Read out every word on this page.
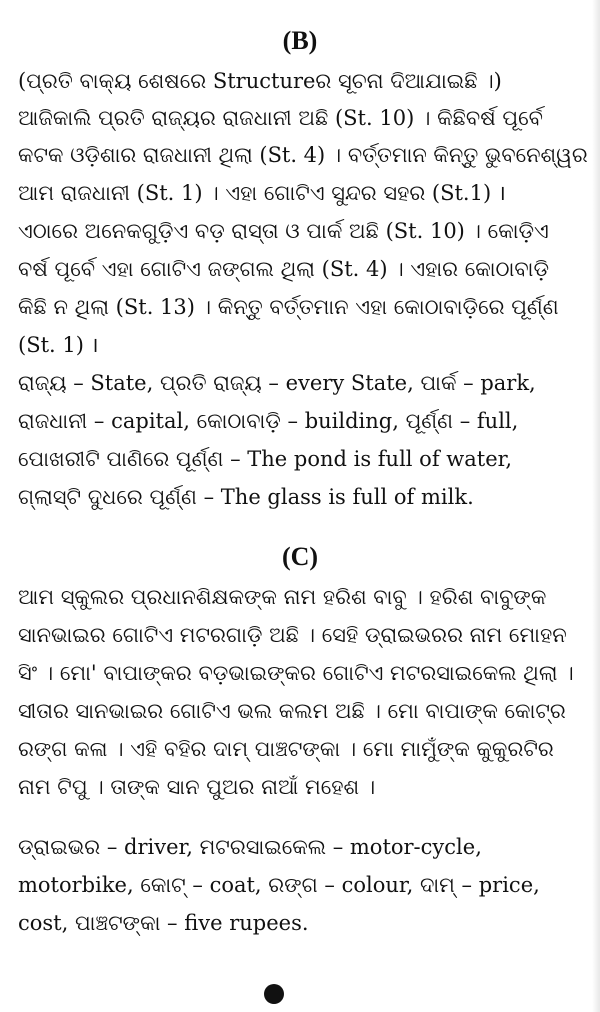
(B)
(ପ୍ରତି ବାକ୍ୟ ଶେଷରେ Structureର ସୂଚନା ଦିଆଯାଇଛି ।)
ଆଜିକାଲି ପ୍ରତି ରାଜ୍ୟର ରାଜଧାନୀ ଅଛି (St. 10) । କିଛିବର୍ଷ ପୂର୍ବେ
କଟକ ଓଡ଼ିଶାର ରାଜଧାନୀ ଥିଲା (St. 4) । ବର୍ତ୍ତମାନ କିନ୍ତୁ ଭୁବନେଶ୍ୱର
ଆମ ରାଜଧାନୀ (St. 1) । ଏହା ଗୋଟିଏ ସୁନ୍ଦର ସହର (St.1) ।
ଏଠାରେ ଅନେକଗୁଡ଼ିଏ ବଡ଼ ରାସ୍ତା ଓ ପାର୍କ ଅଛି (St. 10) । କୋଡ଼ିଏ
ବର୍ଷ ପୂର୍ବେ ଏହା ଗୋଟିଏ ଜଙ୍ଗଲ ଥିଲା (St. 4) । ଏହାର କୋଠାବାଡ଼ି
କିଛି ନ ଥିଲା (St. 13) । କିନ୍ତୁ ବର୍ତ୍ତମାନ ଏହା କୋଠାବାଡ଼ିରେ ପୂର୍ଣ୍ଣ
(St. 1) ।
ରାଜ୍ୟ – State, ପ୍ରତି ରାଜ୍ୟ – every State, ପାର୍କ – park,
ରାଜଧାନୀ – capital, କୋଠାବାଡ଼ି – building, ପୂର୍ଣ୍ଣ – full,
ପୋଖରୀଟି ପାଣିରେ ପୂର୍ଣ୍ଣ – The pond is full of water,
ଗ୍ଲାସ୍‌ଟି ଦୁଧରେ ପୂର୍ଣ୍ଣ – The glass is full of milk.
(C)
ଆମ ସ୍କୁଲର ପ୍ରଧାନଶିକ୍ଷକଙ୍କ ନାମ ହରିଶ ବାବୁ । ହରିଶ ବାବୁଙ୍କ
ସାନଭାଇର ଗୋଟିଏ ମଟରଗାଡ଼ି ଅଛି । ସେହି ଡ୍ରାଇଭରର ନାମ ମୋହନ
ସିଂ । ମୋ' ବାପାଙ୍କର ବଡ଼ଭାଇଙ୍କର ଗୋଟିଏ ମଟରସାଇକେଲ ଥିଲା ।
ସୀତାର ସାନଭାଇର ଗୋଟିଏ ଭଲ କଲମ ଅଛି । ମୋ ବାପାଙ୍କ କୋଟ୍‌ର
ରଙ୍ଗ କଳା । ଏହି ବହିର ଦାମ୍ ପାଞ୍ଚଟଙ୍କା । ମୋ ମାମୁଁଙ୍କ କୁକୁରଟିର
ନାମ ଟିପୁ । ତାଙ୍କ ସାନ ପୁଅର ନାଆଁ ମହେଶ ।
ଡ୍ରାଇଭର – driver, ମଟରସାଇକେଲ – motor-cycle,
motorbike, କୋଟ୍ – coat, ରଙ୍ଗ – colour, ଦାମ୍ – price,
cost, ପାଞ୍ଚଟଙ୍କା – five rupees.
